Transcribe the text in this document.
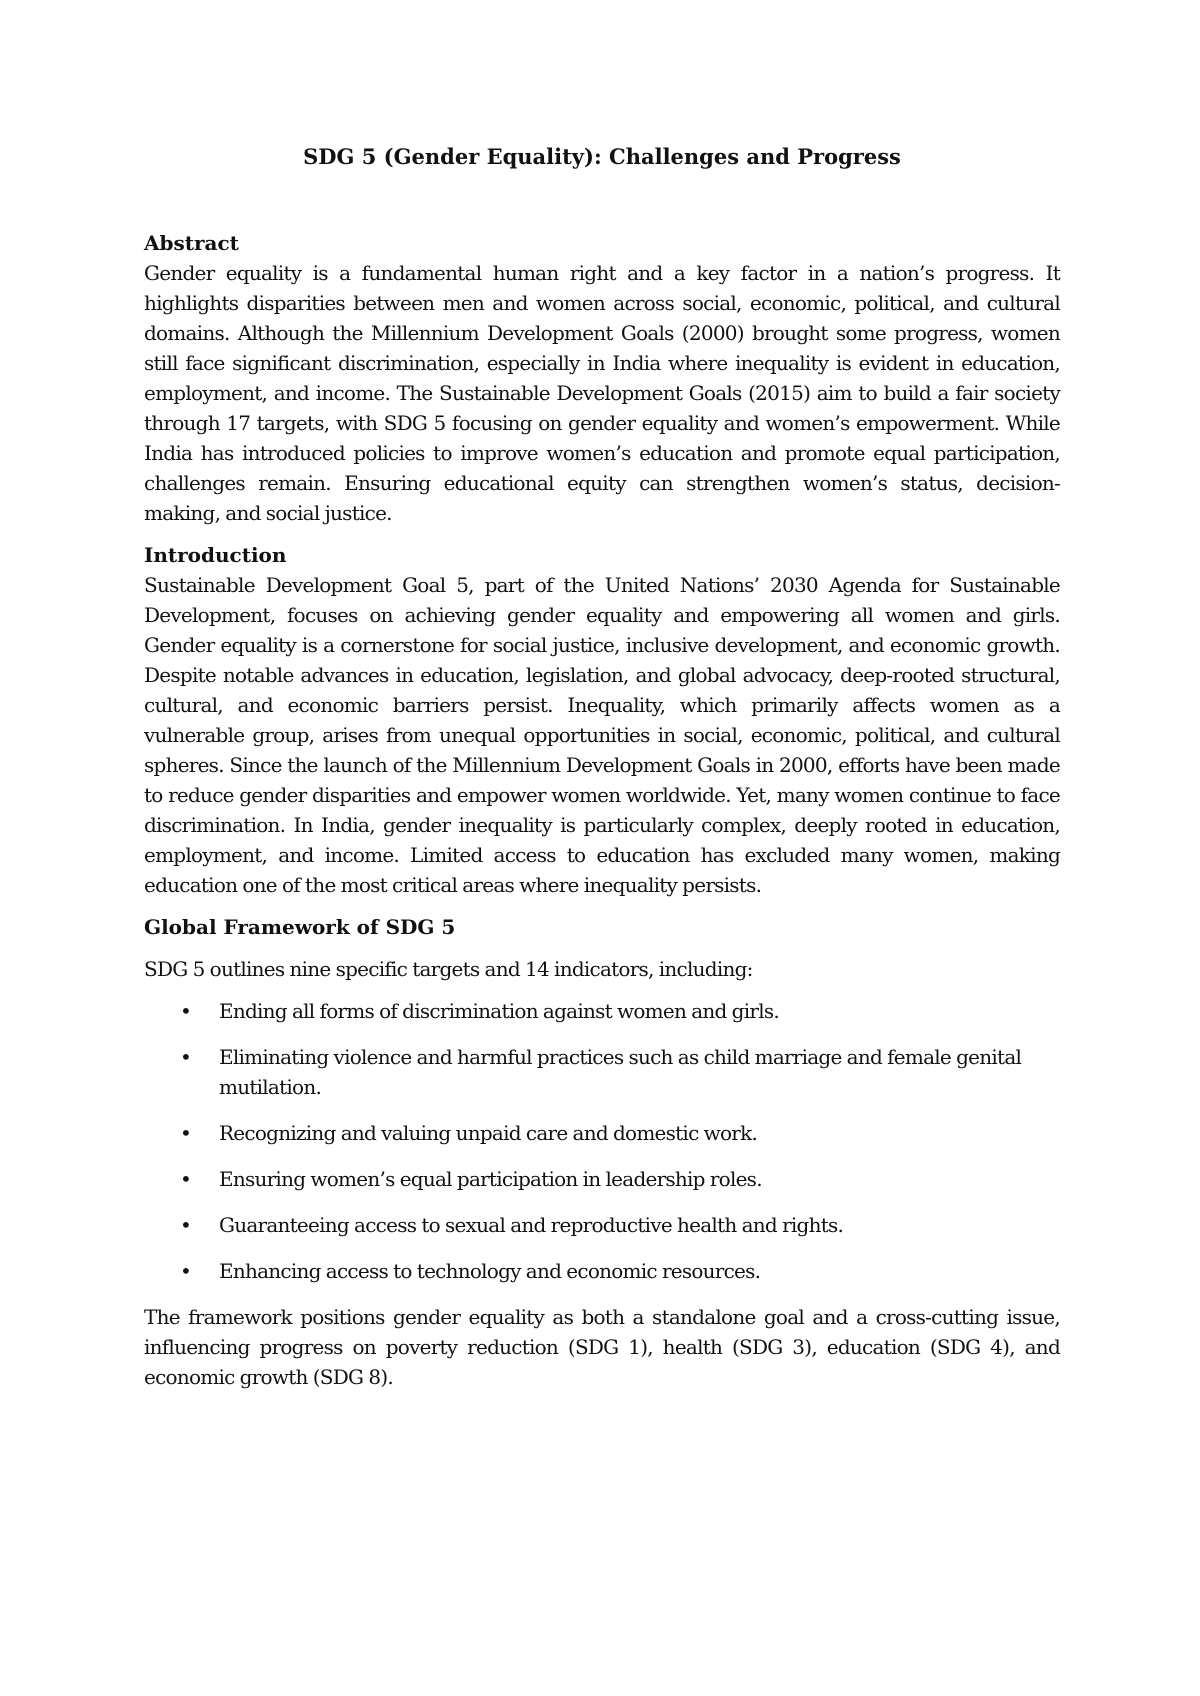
SDG 5 (Gender Equality): Challenges and Progress
Abstract

Gender equality is a fundamental human right and a key factor in a nation’s progress. It highlights disparities between men and women across social, economic, political, and cultural domains. Although the Millennium Development Goals (2000) brought some progress, women still face significant discrimination, especially in India where inequality is evident in education, employment, and income. The Sustainable Development Goals (2015) aim to build a fair society through 17 targets, with SDG 5 focusing on gender equality and women’s empowerment. While India has introduced policies to improve women’s education and promote equal participation, challenges remain. Ensuring educational equity can strengthen women’s status, decision-making, and social justice.

Introduction

Sustainable Development Goal 5, part of the United Nations’ 2030 Agenda for Sustainable Development, focuses on achieving gender equality and empowering all women and girls. Gender equality is a cornerstone for social justice, inclusive development, and economic growth. Despite notable advances in education, legislation, and global advocacy, deep-rooted structural, cultural, and economic barriers persist. Inequality, which primarily affects women as a vulnerable group, arises from unequal opportunities in social, economic, political, and cultural spheres. Since the launch of the Millennium Development Goals in 2000, efforts have been made to reduce gender disparities and empower women worldwide. Yet, many women continue to face discrimination. In India, gender inequality is particularly complex, deeply rooted in education, employment, and income. Limited access to education has excluded many women, making education one of the most critical areas where inequality persists.

Global Framework of SDG 5

SDG 5 outlines nine specific targets and 14 indicators, including:

• Ending all forms of discrimination against women and girls.
• Eliminating violence and harmful practices such as child marriage and female genital mutilation.
• Recognizing and valuing unpaid care and domestic work.
• Ensuring women’s equal participation in leadership roles.
• Guaranteeing access to sexual and reproductive health and rights.
• Enhancing access to technology and economic resources.

The framework positions gender equality as both a standalone goal and a cross-cutting issue, influencing progress on poverty reduction (SDG 1), health (SDG 3), education (SDG 4), and economic growth (SDG 8).
